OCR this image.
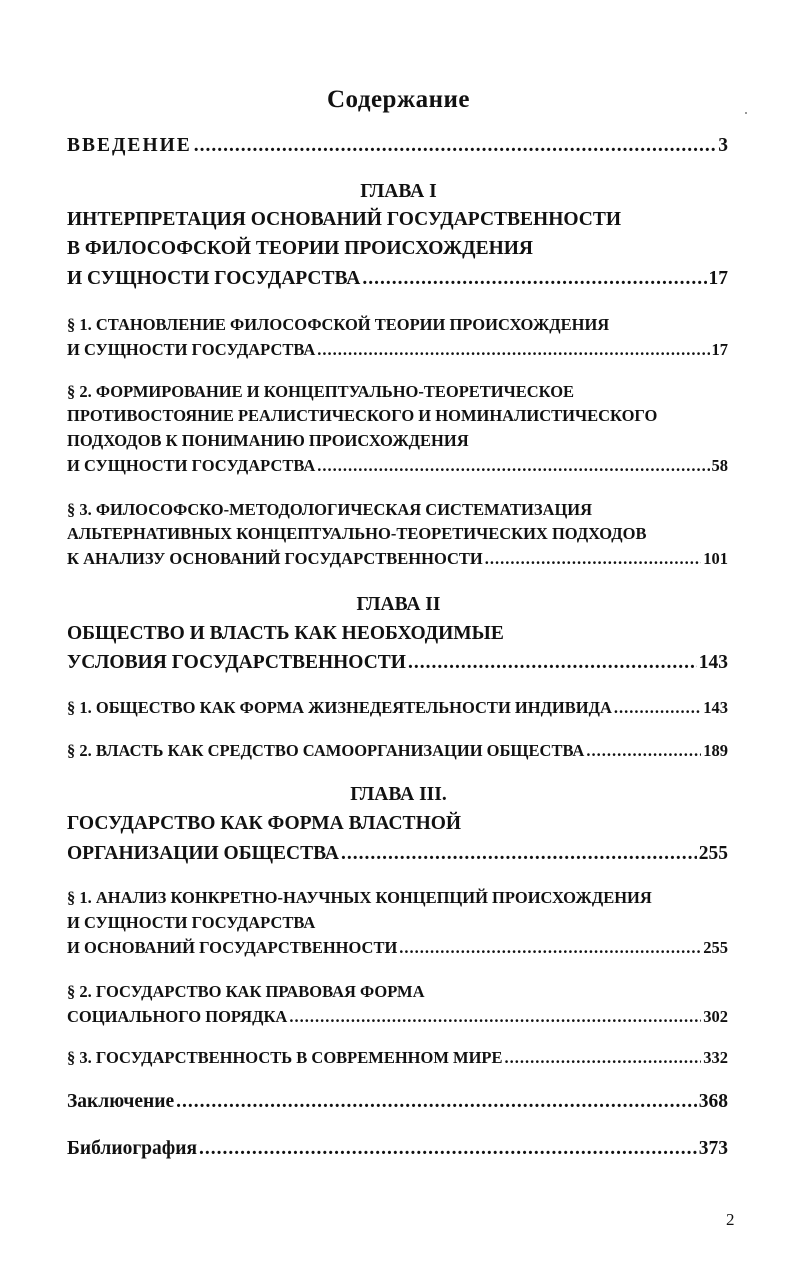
Содержание
ВВЕДЕНИЕ .....	3
ГЛАВА I
ИНТЕРПРЕТАЦИЯ ОСНОВАНИЙ ГОСУДАРСТВЕННОСТИ
В ФИЛОСОФСКОЙ ТЕОРИИ ПРОИСХОЖДЕНИЯ
И СУЩНОСТИ ГОСУДАРСТВА .....	17
§ 1. СТАНОВЛЕНИЕ ФИЛОСОФСКОЙ ТЕОРИИ ПРОИСХОЖДЕНИЯ
И СУЩНОСТИ ГОСУДАРСТВА .....	17
§ 2. ФОРМИРОВАНИЕ И КОНЦЕПТУАЛЬНО-ТЕОРЕТИЧЕСКОЕ
ПРОТИВОСТОЯНИЕ РЕАЛИСТИЧЕСКОГО И НОМИНАЛИСТИЧЕСКОГО
ПОДХОДОВ К ПОНИМАНИЮ ПРОИСХОЖДЕНИЯ
И СУЩНОСТИ ГОСУДАРСТВА .....	58
§ 3. ФИЛОСОФСКО-МЕТОДОЛОГИЧЕСКАЯ СИСТЕМАТИЗАЦИЯ
АЛЬТЕРНАТИВНЫХ КОНЦЕПТУАЛЬНО-ТЕОРЕТИЧЕСКИХ ПОДХОДОВ
К АНАЛИЗУ ОСНОВАНИЙ ГОСУДАРСТВЕННОСТИ .....	101
ГЛАВА II
ОБЩЕСТВО И ВЛАСТЬ КАК НЕОБХОДИМЫЕ
УСЛОВИЯ ГОСУДАРСТВЕННОСТИ .....	143
§ 1. ОБЩЕСТВО КАК ФОРМА ЖИЗНЕДЕЯТЕЛЬНОСТИ ИНДИВИДА .....	143
§ 2. ВЛАСТЬ КАК СРЕДСТВО САМООРГАНИЗАЦИИ ОБЩЕСТВА .....	189
ГЛАВА III.
ГОСУДАРСТВО КАК ФОРМА ВЛАСТНОЙ
ОРГАНИЗАЦИИ ОБЩЕСТВА .....	255
§ 1. АНАЛИЗ КОНКРЕТНО-НАУЧНЫХ КОНЦЕПЦИЙ ПРОИСХОЖДЕНИЯ
И СУЩНОСТИ ГОСУДАРСТВА
И ОСНОВАНИЙ ГОСУДАРСТВЕННОСТИ .....	255
§ 2. ГОСУДАРСТВО КАК ПРАВОВАЯ ФОРМА
СОЦИАЛЬНОГО ПОРЯДКА .....	302
§ 3. ГОСУДАРСТВЕННОСТЬ В СОВРЕМЕННОМ МИРЕ .....	332
Заключение .....	368
Библиография .....	373
2
